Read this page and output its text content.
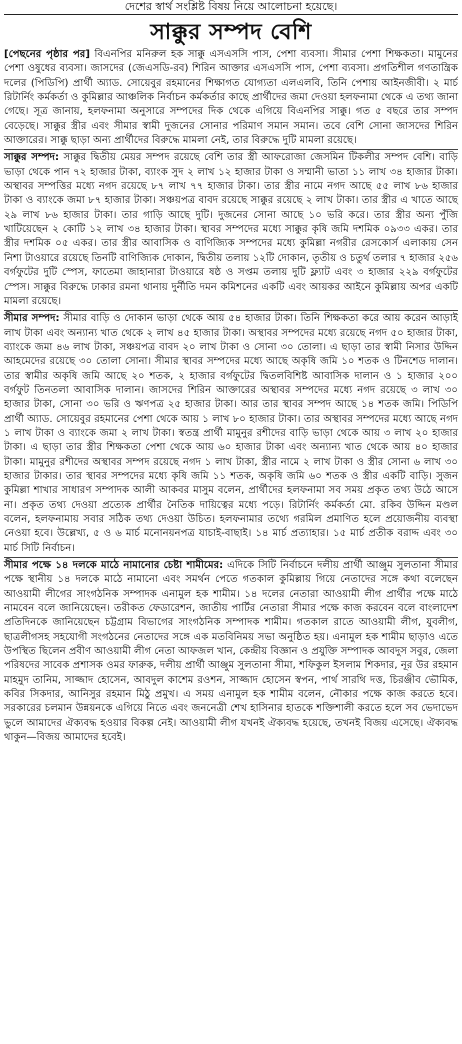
দেশের স্বার্থ সংশ্লিষ্ট বিষয় নিয়ে আলোচনা হয়েছে।
সাক্কুর সম্পদ বেশি

[পেছনের পৃষ্ঠার পর] বিএনপির মনিরুল হক সাক্কু এসএসসি পাস, পেশা ব্যবসা। সীমার পেশা শিক্ষকতা। মামুনের পেশা ওষুধের ব্যবসা। জাসদের (জেএসডি-রব) শিরিন আক্তার এসএসসি পাস, পেশা ব্যবসা। প্রগতিশীল গণতান্ত্রিক দলের (পিডিপি) প্রার্থী অ্যাড. সোয়েবুর রহমানের শিক্ষাগত যোগ্যতা এলএলবি, তিনি পেশায় আইনজীবী। ২ মার্চ রিটার্নিং কর্মকর্তা ও কুমিল্লার আঞ্চলিক নির্বাচন কর্মকর্তার কাছে প্রার্থীদের জমা দেওয়া হলফনামা থেকে এ তথ্য জানা গেছে। সূত্র জানায়, হলফনামা অনুসারে সম্পদের দিক থেকে এগিয়ে বিএনপির সাক্কু। গত ৫ বছরে তার সম্পদ বেড়েছে। সাক্কুর স্ত্রীর এবং সীমার স্বামী দুজনের সোনার পরিমাণ সমান সমান। তবে বেশি সোনা জাসদের শিরিন আক্তারের। সাক্কু ছাড়া অন্য প্রার্থীদের বিরুদ্ধে মামলা নেই, তার বিরুদ্ধে দুটি মামলা রয়েছে।

সাক্কুর সম্পদ: সাক্কুর দ্বিতীয় মেয়র সম্পদ রয়েছে বেশি তার স্ত্রী আফরোজা জেসমিন টিকলীর সম্পদ বেশি। বাড়ি ভাড়া থেকে পান ৭২ হাজার টাকা, ব্যাংক সুদ ২ লাখ ১২ হাজার টাকা ও সম্মানী ভাতা ১১ লাখ ৩৪ হাজার টাকা। অস্থাবর সম্পত্তির মধ্যে নগদ রয়েছে ৮৭ লাখ ৭৭ হাজার টাকা। তার স্ত্রীর নামে নগদ আছে ৫৫ লাখ ৮৬ হাজার টাকা ও ব্যাংকে জমা ৮৭ হাজার টাকা। সঞ্চয়পত্র বাবদ রয়েছে সাক্কুর রয়েছে ২ লাখ টাকা। তার স্ত্রীর এ খাতে আছে ২৯ লাখ ৮৬ হাজার টাকা। তার গাড়ি আছে দুটি। দুজনের সোনা আছে ১০ ভরি করে। তার স্ত্রীর অন্য পুঁজি খাটিয়েছেন ২ কোটি ১২ লাখ ৩৪ হাজার টাকা। স্থাবর সম্পদের মধ্যে সাক্কুর কৃষি জমি দশমিক ০৯৩৩ একর। তার স্ত্রীর দশমিক ০৫ একর। তার স্ত্রীর আবাসিক ও বাণিজ্যিক সম্পদের মধ্যে কুমিল্লা নগরীর রেসকোর্স এলাকায় সেন নিশা টাওয়ারে রয়েছে তিনটি বাণিজ্যিক দোকান, দ্বিতীয় তলায় ১২টি দোকান, তৃতীয় ও চতুর্থ তলার ৭ হাজার ২৫৬ বর্গফুটের দুটি স্পেস, ফাতেমা জাহানারা টাওয়ারে ষষ্ঠ ও সপ্তম তলায় দুটি ফ্ল্যাট এবং ৩ হাজার ২২৯ বর্গফুটের স্পেস। সাক্কুর বিরুদ্ধে ঢাকার রমনা থানায় দুর্নীতি দমন কমিশনের একটি এবং আয়কর আইনে কুমিল্লায় অপর একটি মামলা রয়েছে।

সীমার সম্পদ: সীমার বাড়ি ও দোকান ভাড়া থেকে আয় ৫৪ হাজার টাকা। তিনি শিক্ষকতা করে আয় করেন আড়াই লাখ টাকা এবং অন্যান্য খাত থেকে ২ লাখ ৪৫ হাজার টাকা। অস্থাবর সম্পদের মধ্যে রয়েছে নগদ ৫০ হাজার টাকা, ব্যাংকে জমা ৪৬ লাখ টাকা, সঞ্চয়পত্র বাবদ ২০ লাখ টাকা ও সোনা ৩০ তোলা। এ ছাড়া তার স্বামী নিসার উদ্দিন আহমেদের রয়েছে ৩০ তোলা সোনা। সীমার স্থাবর সম্পদের মধ্যে আছে অকৃষি জমি ১০ শতক ও টিনশেড দালান। তার স্বামীর অকৃষি জমি আছে ২০ শতক, ২ হাজার বর্গফুটের দ্বিতলবিশিষ্ট আবাসিক দালান ও ১ হাজার ২০০ বর্গফুট তিনতলা আবাসিক দালান। জাসদের শিরিন আক্তারের অস্থাবর সম্পদের মধ্যে নগদ রয়েছে ৩ লাখ ৩০ হাজার টাকা, সোনা ৩০ ভরি ও ঋণপত্র ২৫ হাজার টাকা। আর তার স্থাবর সম্পদ আছে ১৪ শতক জমি। পিডিপি প্রার্থী অ্যাড. সোয়েবুর রহমানের পেশা থেকে আয় ১ লাখ ৮০ হাজার টাকা। তার অস্থাবর সম্পদের মধ্যে আছে নগদ ১ লাখ টাকা ও ব্যাংকে জমা ২ লাখ টাকা। স্বতন্ত্র প্রার্থী মামুনুর রশীদের বাড়ি ভাড়া থেকে আয় ৩ লাখ ২০ হাজার টাকা। এ ছাড়া তার স্ত্রীর শিক্ষকতা পেশা থেকে আয় ৬০ হাজার টাকা এবং অন্যান্য খাত থেকে আয় ৪০ হাজার টাকা। মামুনুর রশীদের অস্থাবর সম্পদ রয়েছে নগদ ১ লাখ টাকা, স্ত্রীর নামে ২ লাখ টাকা ও স্ত্রীর সোনা ৬ লাখ ৩০ হাজার টাকার। তার স্থাবর সম্পদের মধ্যে কৃষি জমি ১১ শতক, অকৃষি জমি ৬০ শতক ও স্ত্রীর একটি বাড়ি। সুজন কুমিল্লা শাখার সাধারণ সম্পাদক আলী আকবর মাসুম বলেন, প্রার্থীদের হলফনামা সব সময় প্রকৃত তথ্য উঠে আসে না। প্রকৃত তথ্য দেওয়া প্রত্যেক প্রার্থীর নৈতিক দায়িত্বের মধ্যে পড়ে। রিটার্নিং কর্মকর্তা মো. রকিব উদ্দিন মণ্ডল বলেন, হলফনামায় সবার সঠিক তথ্য দেওয়া উচিত। হলফনামার তথ্যে গরমিল প্রমাণিত হলে প্রয়োজনীয় ব্যবস্থা নেওয়া হবে। উল্লেখ্য, ৫ ও ৬ মার্চ মনোনয়নপত্র যাচাই-বাছাই। ১৪ মার্চ প্রত্যাহার। ১৫ মার্চ প্রতীক বরাদ্দ এবং ৩০ মার্চ সিটি নির্বাচন।

সীমার পক্ষে ১৪ দলকে মাঠে নামানোর চেষ্টা শামীমের: এদিকে সিটি নির্বাচনে দলীয় প্রার্থী আঞ্জুম সুলতানা সীমার পক্ষে স্থানীয় ১৪ দলকে মাঠে নামানো এবং সমর্থন পেতে গতকাল কুমিল্লায় গিয়ে নেতাদের সঙ্গে কথা বলেছেন আওয়ামী লীগের সাংগঠনিক সম্পাদক এনামুল হক শামীম। ১৪ দলের নেতারা আওয়ামী লীগ প্রার্থীর পক্ষে মাঠে নামবেন বলে জানিয়েছেন। তরীকত ফেডারেশন, জাতীয় পার্টির নেতারা সীমার পক্ষে কাজ করবেন বলে বাংলাদেশ প্রতিদিনকে জানিয়েছেন চট্টগ্রাম বিভাগের সাংগঠনিক সম্পাদক শামীম। গতকাল রাতে আওয়ামী লীগ, যুবলীগ, ছাত্রলীগসহ সহযোগী সংগঠনের নেতাদের সঙ্গে এক মতবিনিময় সভা অনুষ্ঠিত হয়। এনামুল হক শামীম ছাড়াও এতে উপস্থিত ছিলেন প্রবীণ আওয়ামী লীগ নেতা আফজল খান, কেন্দ্রীয় বিজ্ঞান ও প্রযুক্তি সম্পাদক আবদুস সবুর, জেলা পরিষদের সাবেক প্রশাসক ওমর ফারুক, দলীয় প্রার্থী আঞ্জুম সুলতানা সীমা, শফিকুল ইসলাম শিকদার, নূর উর রহমান মাহমুদ তানিম, সাজ্জাদ হোসেন, আবদুল কাশেম রওশন, সাজ্জাদ হোসেন স্বপন, পার্থ সারথি দত্ত, চিরঞ্জীব ভৌমিক, কবির সিকদার, আনিসুর রহমান মিঠু প্রমুখ। এ সময় এনামুল হক শামীম বলেন, নৌকার পক্ষে কাজ করতে হবে। সরকারের চলমান উন্নয়নকে এগিয়ে নিতে এবং জননেত্রী শেখ হাসিনার হাতকে শক্তিশালী করতে হলে সব ভেদাভেদ ভুলে আমাদের ঐক্যবদ্ধ হওয়ার বিকল্প নেই। আওয়ামী লীগ যখনই ঐক্যবদ্ধ হয়েছে, তখনই বিজয় এসেছে। ঐক্যবদ্ধ থাকুন—বিজয় আমাদের হবেই।
